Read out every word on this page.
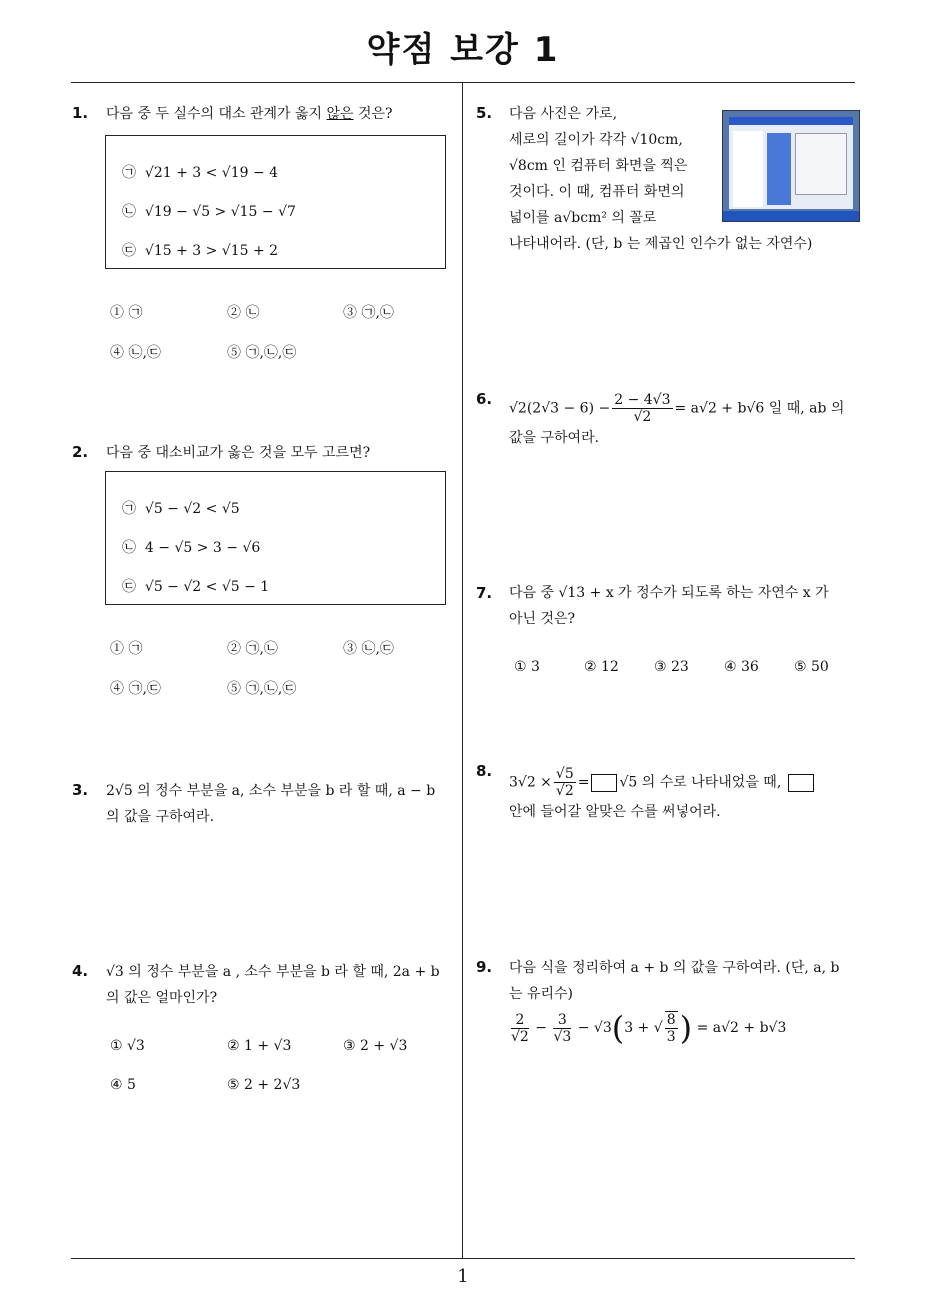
약점 보강 1
1
1. 다음 중 두 실수의 대소 관계가 옳지 않은 것은?
㉠ √21 + 3 < √19 − 4
㉡ √19 − √5 > √15 − √7
㉢ √15 + 3 > √15 + 2
① ㉠	② ㉡	③ ㉠,㉡
④ ㉡,㉢	⑤ ㉠,㉡,㉢
2. 다음 중 대소비교가 옳은 것을 모두 고르면?
㉠ √5 − √2 < √5
㉡ 4 − √5 > 3 − √6
㉢ √5 − √2 < √5 − 1
① ㉠	② ㉠,㉡	③ ㉡,㉢
④ ㉠,㉢	⑤ ㉠,㉡,㉢
3. 2√5 의 정수 부분을 a, 소수 부분을 b 라 할 때, a − b
의 값을 구하여라.
4. √3 의 정수 부분을 a , 소수 부분을 b 라 할 때, 2a + b
의 값은 얼마인가?
① √3	② 1 + √3	③ 2 + √3
④ 5	⑤ 2 + 2√3
5. 다음 사진은 가로,
세로의 길이가 각각 √10cm,
√8cm 인 컴퓨터 화면을 찍은
것이다. 이 때, 컴퓨터 화면의
넓이를 a√bcm² 의 꼴로
나타내어라. (단, b 는 제곱인 인수가 없는 자연수)
6.
$√2(2√3 - 6) - \frac{2 - 4√3}{√2} = a√2 + b√6$ 일 때, ab 의
값을 구하여라.
7. 다음 중 √13 + x 가 정수가 되도록 하는 자연수 x 가
아닌 것은?
① 3	② 12	③ 23	④ 36	⑤ 50
8.
$3√2 \times \frac{√5}{√2} = √5$ 의 수로 나타내었을 때,
안에 들어갈 알맞은 수를 써넣어라.
9. 다음 식을 정리하여 a + b 의 값을 구하여라. (단, a, b
는 유리수)
$\frac{2}{√2} - \frac{3}{√3} - √3(3$ + √ $\frac{8}{3}$ ) = a√2 + b√3
